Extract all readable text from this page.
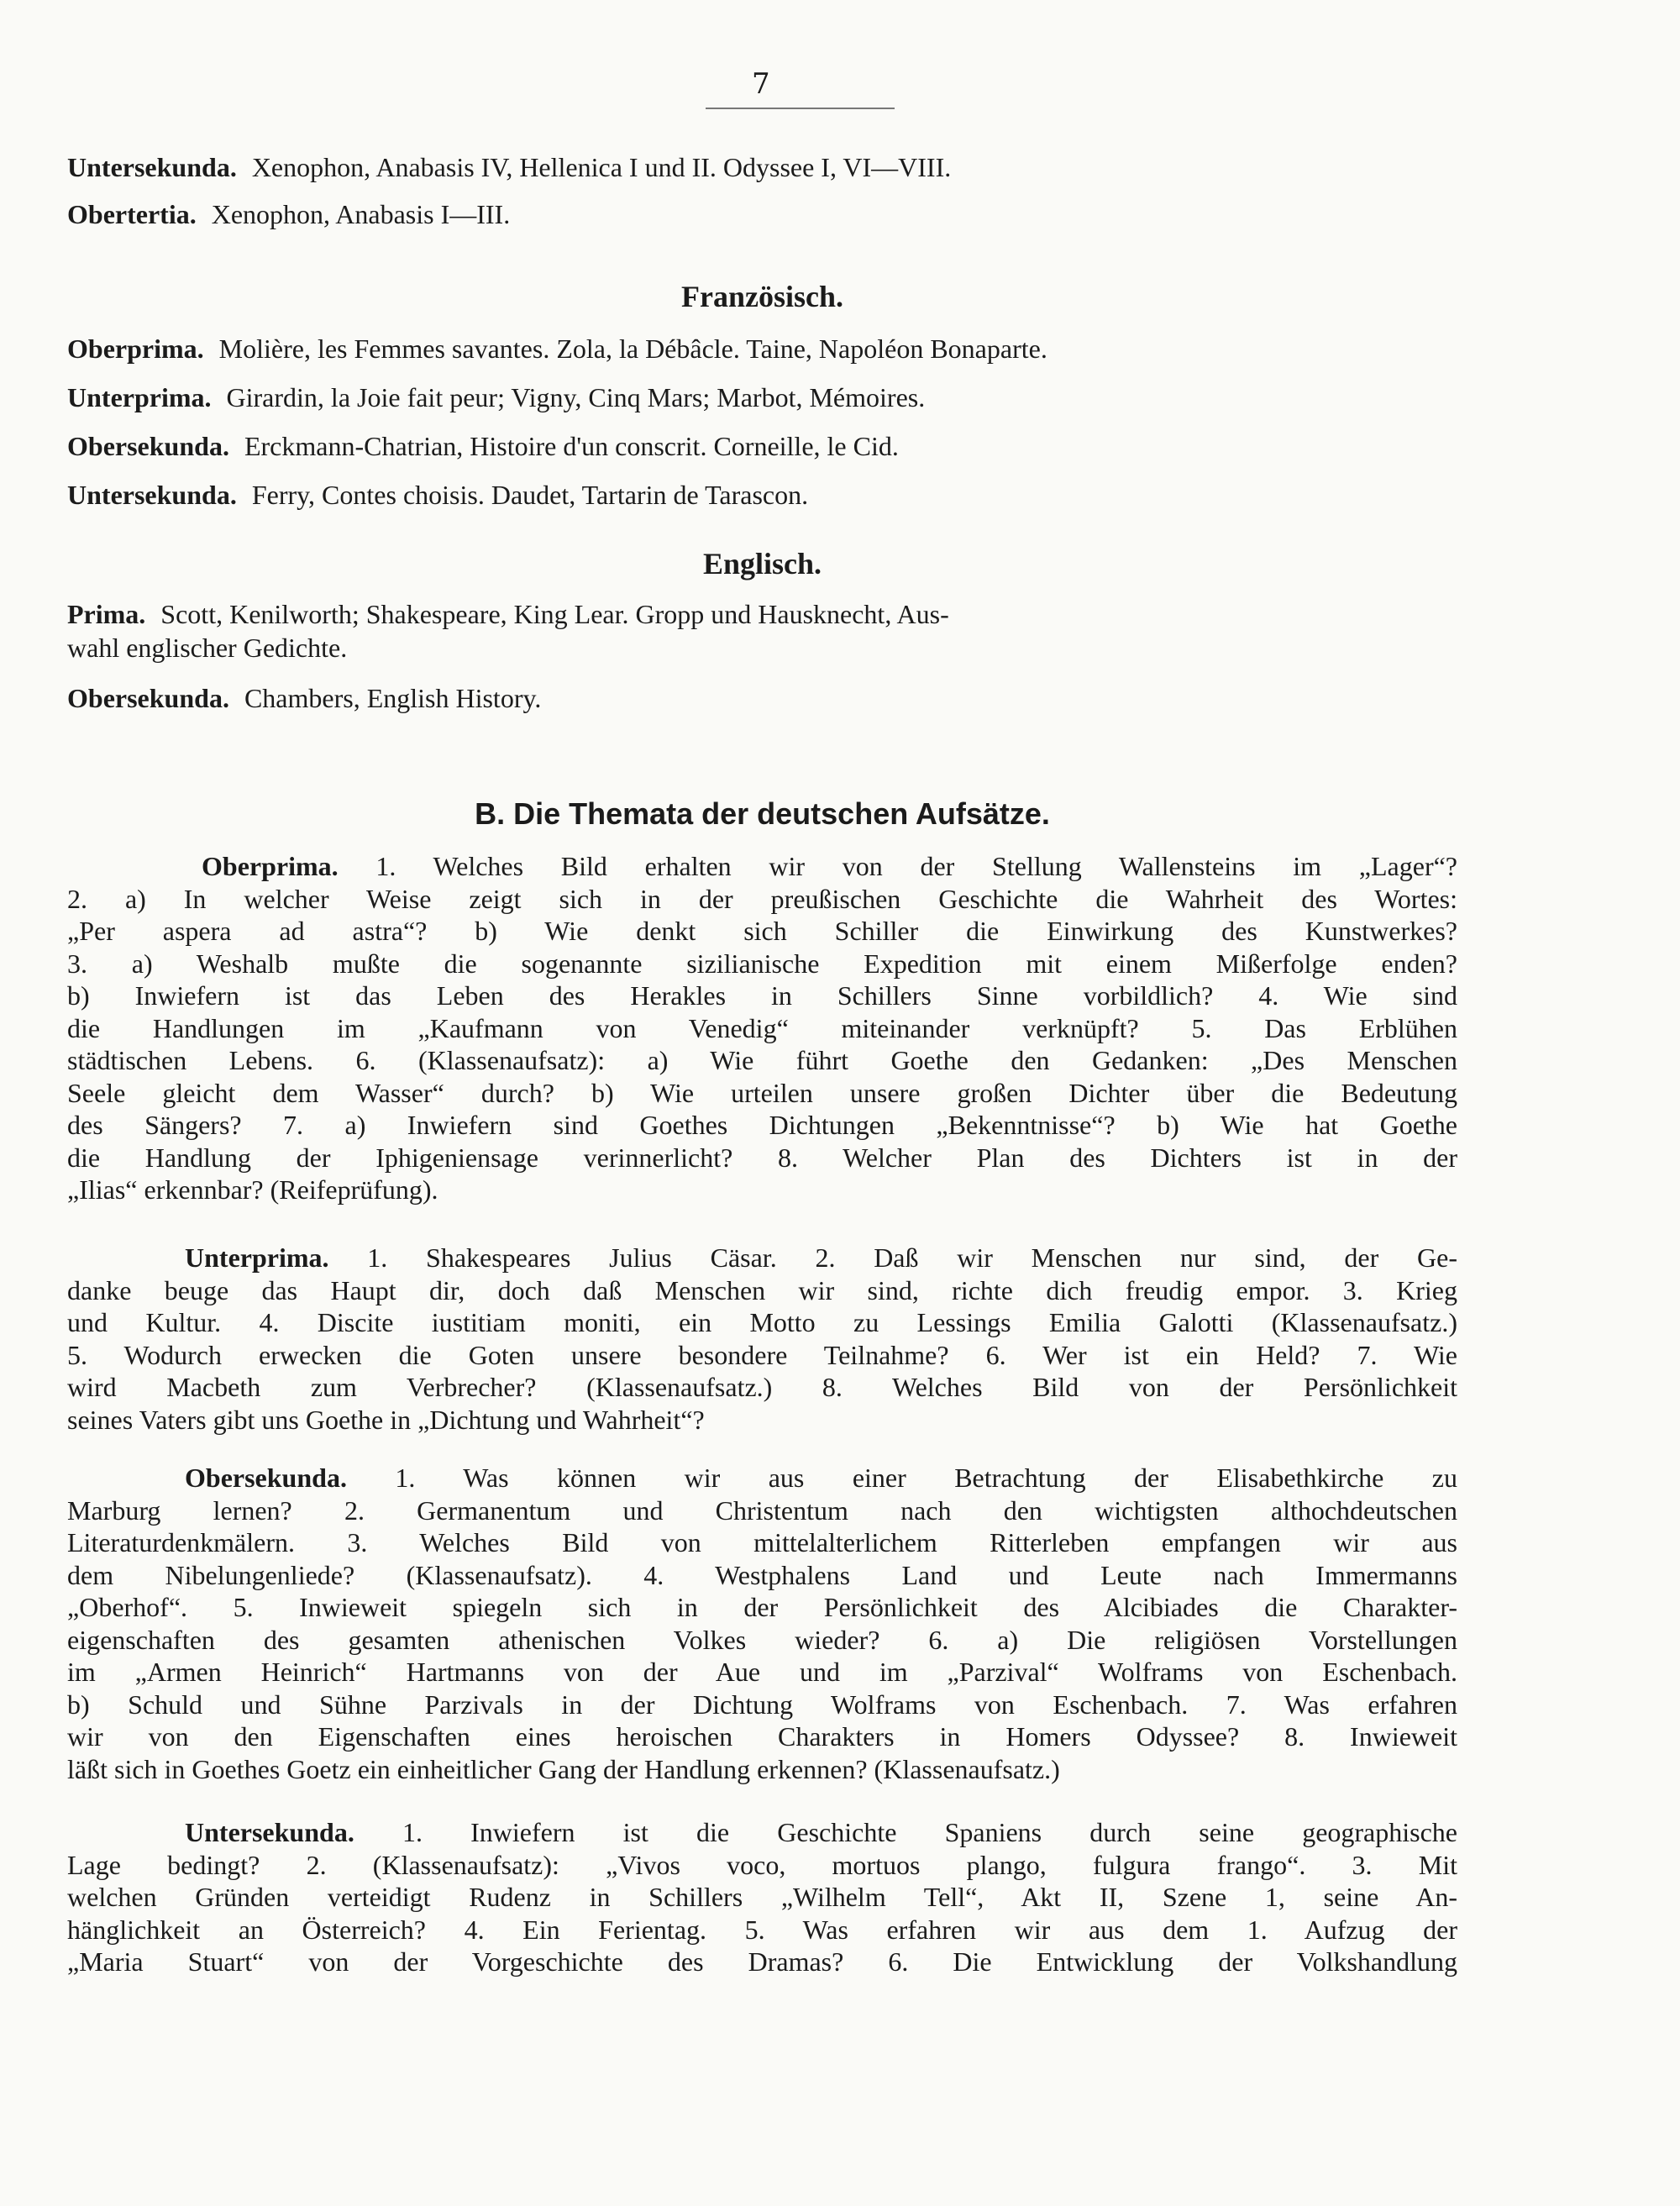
7
Untersekunda. Xenophon, Anabasis IV, Hellenica I und II. Odyssee I, VI—VIII.
Obertertia. Xenophon, Anabasis I—III.
Französisch.
Oberprima. Molière, les Femmes savantes. Zola, la Débâcle. Taine, Napoléon Bonaparte.
Unterprima. Girardin, la Joie fait peur; Vigny, Cinq Mars; Marbot, Mémoires.
Obersekunda. Erckmann-Chatrian, Histoire d'un conscrit. Corneille, le Cid.
Untersekunda. Ferry, Contes choisis. Daudet, Tartarin de Tarascon.
Englisch.
Prima. Scott, Kenilworth; Shakespeare, King Lear. Gropp und Hausknecht, Aus-
wahl englischer Gedichte.
Obersekunda. Chambers, English History.
B. Die Themata der deutschen Aufsätze.
Oberprima. 1. Welches Bild erhalten wir von der Stellung Wallensteins im „Lager“?
2. a) In welcher Weise zeigt sich in der preußischen Geschichte die Wahrheit des Wortes:
„Per aspera ad astra“? b) Wie denkt sich Schiller die Einwirkung des Kunstwerkes?
3. a) Weshalb mußte die sogenannte sizilianische Expedition mit einem Mißerfolge enden?
b) Inwiefern ist das Leben des Herakles in Schillers Sinne vorbildlich? 4. Wie sind
die Handlungen im „Kaufmann von Venedig“ miteinander verknüpft? 5. Das Erblühen
städtischen Lebens. 6. (Klassenaufsatz): a) Wie führt Goethe den Gedanken: „Des Menschen
Seele gleicht dem Wasser“ durch? b) Wie urteilen unsere großen Dichter über die Bedeutung
des Sängers? 7. a) Inwiefern sind Goethes Dichtungen „Bekenntnisse“? b) Wie hat Goethe
die Handlung der Iphigeniensage verinnerlicht? 8. Welcher Plan des Dichters ist in der
„Ilias“ erkennbar? (Reifeprüfung).
Unterprima. 1. Shakespeares Julius Cäsar. 2. Daß wir Menschen nur sind, der Ge-
danke beuge das Haupt dir, doch daß Menschen wir sind, richte dich freudig empor. 3. Krieg
und Kultur. 4. Discite iustitiam moniti, ein Motto zu Lessings Emilia Galotti (Klassenaufsatz.)
5. Wodurch erwecken die Goten unsere besondere Teilnahme? 6. Wer ist ein Held? 7. Wie
wird Macbeth zum Verbrecher? (Klassenaufsatz.) 8. Welches Bild von der Persönlichkeit
seines Vaters gibt uns Goethe in „Dichtung und Wahrheit“?
Obersekunda. 1. Was können wir aus einer Betrachtung der Elisabethkirche zu
Marburg lernen? 2. Germanentum und Christentum nach den wichtigsten althochdeutschen
Literaturdenkmälern. 3. Welches Bild von mittelalterlichem Ritterleben empfangen wir aus
dem Nibelungenliede? (Klassenaufsatz). 4. Westphalens Land und Leute nach Immermanns
„Oberhof“. 5. Inwieweit spiegeln sich in der Persönlichkeit des Alcibiades die Charakter-
eigenschaften des gesamten athenischen Volkes wieder? 6. a) Die religiösen Vorstellungen
im „Armen Heinrich“ Hartmanns von der Aue und im „Parzival“ Wolframs von Eschenbach.
b) Schuld und Sühne Parzivals in der Dichtung Wolframs von Eschenbach. 7. Was erfahren
wir von den Eigenschaften eines heroischen Charakters in Homers Odyssee? 8. Inwieweit
läßt sich in Goethes Goetz ein einheitlicher Gang der Handlung erkennen? (Klassenaufsatz.)
Untersekunda. 1. Inwiefern ist die Geschichte Spaniens durch seine geographische
Lage bedingt? 2. (Klassenaufsatz): „Vivos voco, mortuos plango, fulgura frango“. 3. Mit
welchen Gründen verteidigt Rudenz in Schillers „Wilhelm Tell“, Akt II, Szene 1, seine An-
hänglichkeit an Österreich? 4. Ein Ferientag. 5. Was erfahren wir aus dem 1. Aufzug der
„Maria Stuart“ von der Vorgeschichte des Dramas? 6. Die Entwicklung der Volkshandlung
